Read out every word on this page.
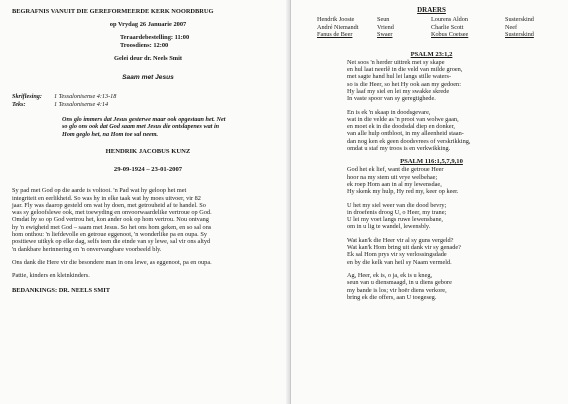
BEGRAFNIS VANUIT DIE GEREFORMEERDE KERK NOORDBRUG
op Vrydag 26 Januarie 2007
Teraardebestelling: 11:00
Troosdiens: 12:00
Gelei deur dr. Neels Smit
Saam met Jesus
Skriflesing:	1 Tessalonisense 4:13-18
Teks:	1 Tessalonisense 4:14
Ons glo immers dat Jesus gesterwe maar ook opgestaan het. Net
so glo ons ook dat God saam met Jesus die ontslapenes wat in
Hom geglo het, na Hom toe sal neem.
HENDRIK JACOBUS KUNZ
29-09-1924 – 23-01-2007
Sy pad met God op die aarde is voltooi. 'n Pad wat hy geloop het met
integriteit en eerlikheid. So was hy in elke taak wat hy moes uitvoer, vir 82
jaar. Fly was daarop gesteld om wat hy doen, met getrouheid af te handel. So
was sy geloofslewe ook, met toewyding en onvoorwaardelike vertroue op God.
Omdat hy so op God vertrou het, kon ander ook op hom vertrou. Nou ontvang
hy 'n ewigheid met God – saam met Jesus. So het ons hom geken, en so sal ons
hom onthou: 'n liefdevolle en getroue eggenoot, 'n wonderlike pa en oupa. Sy
positiewe uitkyk op elke dag, selfs teen die einde van sy lewe, sal vir ons altyd
'n dankbare herinnering en 'n onvervangbare voorbeeld bly.
Ons dank die Here vir die besondere man in ons lewe, as eggenoot, pa en oupa.
Pattie, kinders en kleinkinders.
BEDANKINGS: DR. NEELS SMIT
DRAERS
Hendrik Jooste	Seun	Lourens Aldon	Susterskind
André Niemandt	Vriend	Charlie Scott	Neef
Fanus de Beer	Swaer	Kobus Coetsee	Susterskind
PSALM 23:1,2
Net soos 'n herder uittrek met sy skape
en hul laat neerlê in die veld van milde groen,
met sagte hand hul lei langs stille waters-
so is die Heer, so het Hy ook aan my gedoen:
Hy laaf my siel en lei my swakke skrede
In vaste spoor van sy geregtighede.
En is ek 'n skaap in doodsgevare,
wat in die velde as 'n prooi van wolwe gaan,
en moet ek in die doodsdal diep en donker,
van alle hulp ontbloot, in my alleenheid staan-
dan nog ken ek geen doodsvrees of verskrikking,
omdat u staf my troos is en verkwikking.
PSALM 116:1,5,7,9,10
God het ek lief, want die getroue Heer
hoor na my stem uit vrye welbehae;
ek roep Hom aan in al my lewensdae,
Hy skenk my hulp, Hy red my, keer op keer.
U het my siel weer van die dood bevry;
in droefenis droog U, o Heer, my trane;
U lei my voet langs ruwe lewensbane,
om in u lig te wandel, lewensbly.
Wat kan'k die Heer vir al sy guns vergeld?
Wat kan'k Hom bring uit dank vir sy genade?
Ek sal Hom prys vir sy verlossingsdade
en by die kelk van heil sy Naam vermeld.
Ag, Heer, ek is, o ja, ek is u kneg,
seun van u diensmaagd, in u diens gebore
my bande is los; vir hoër diens verkore,
bring ek die offers, aan U toegeseg.
